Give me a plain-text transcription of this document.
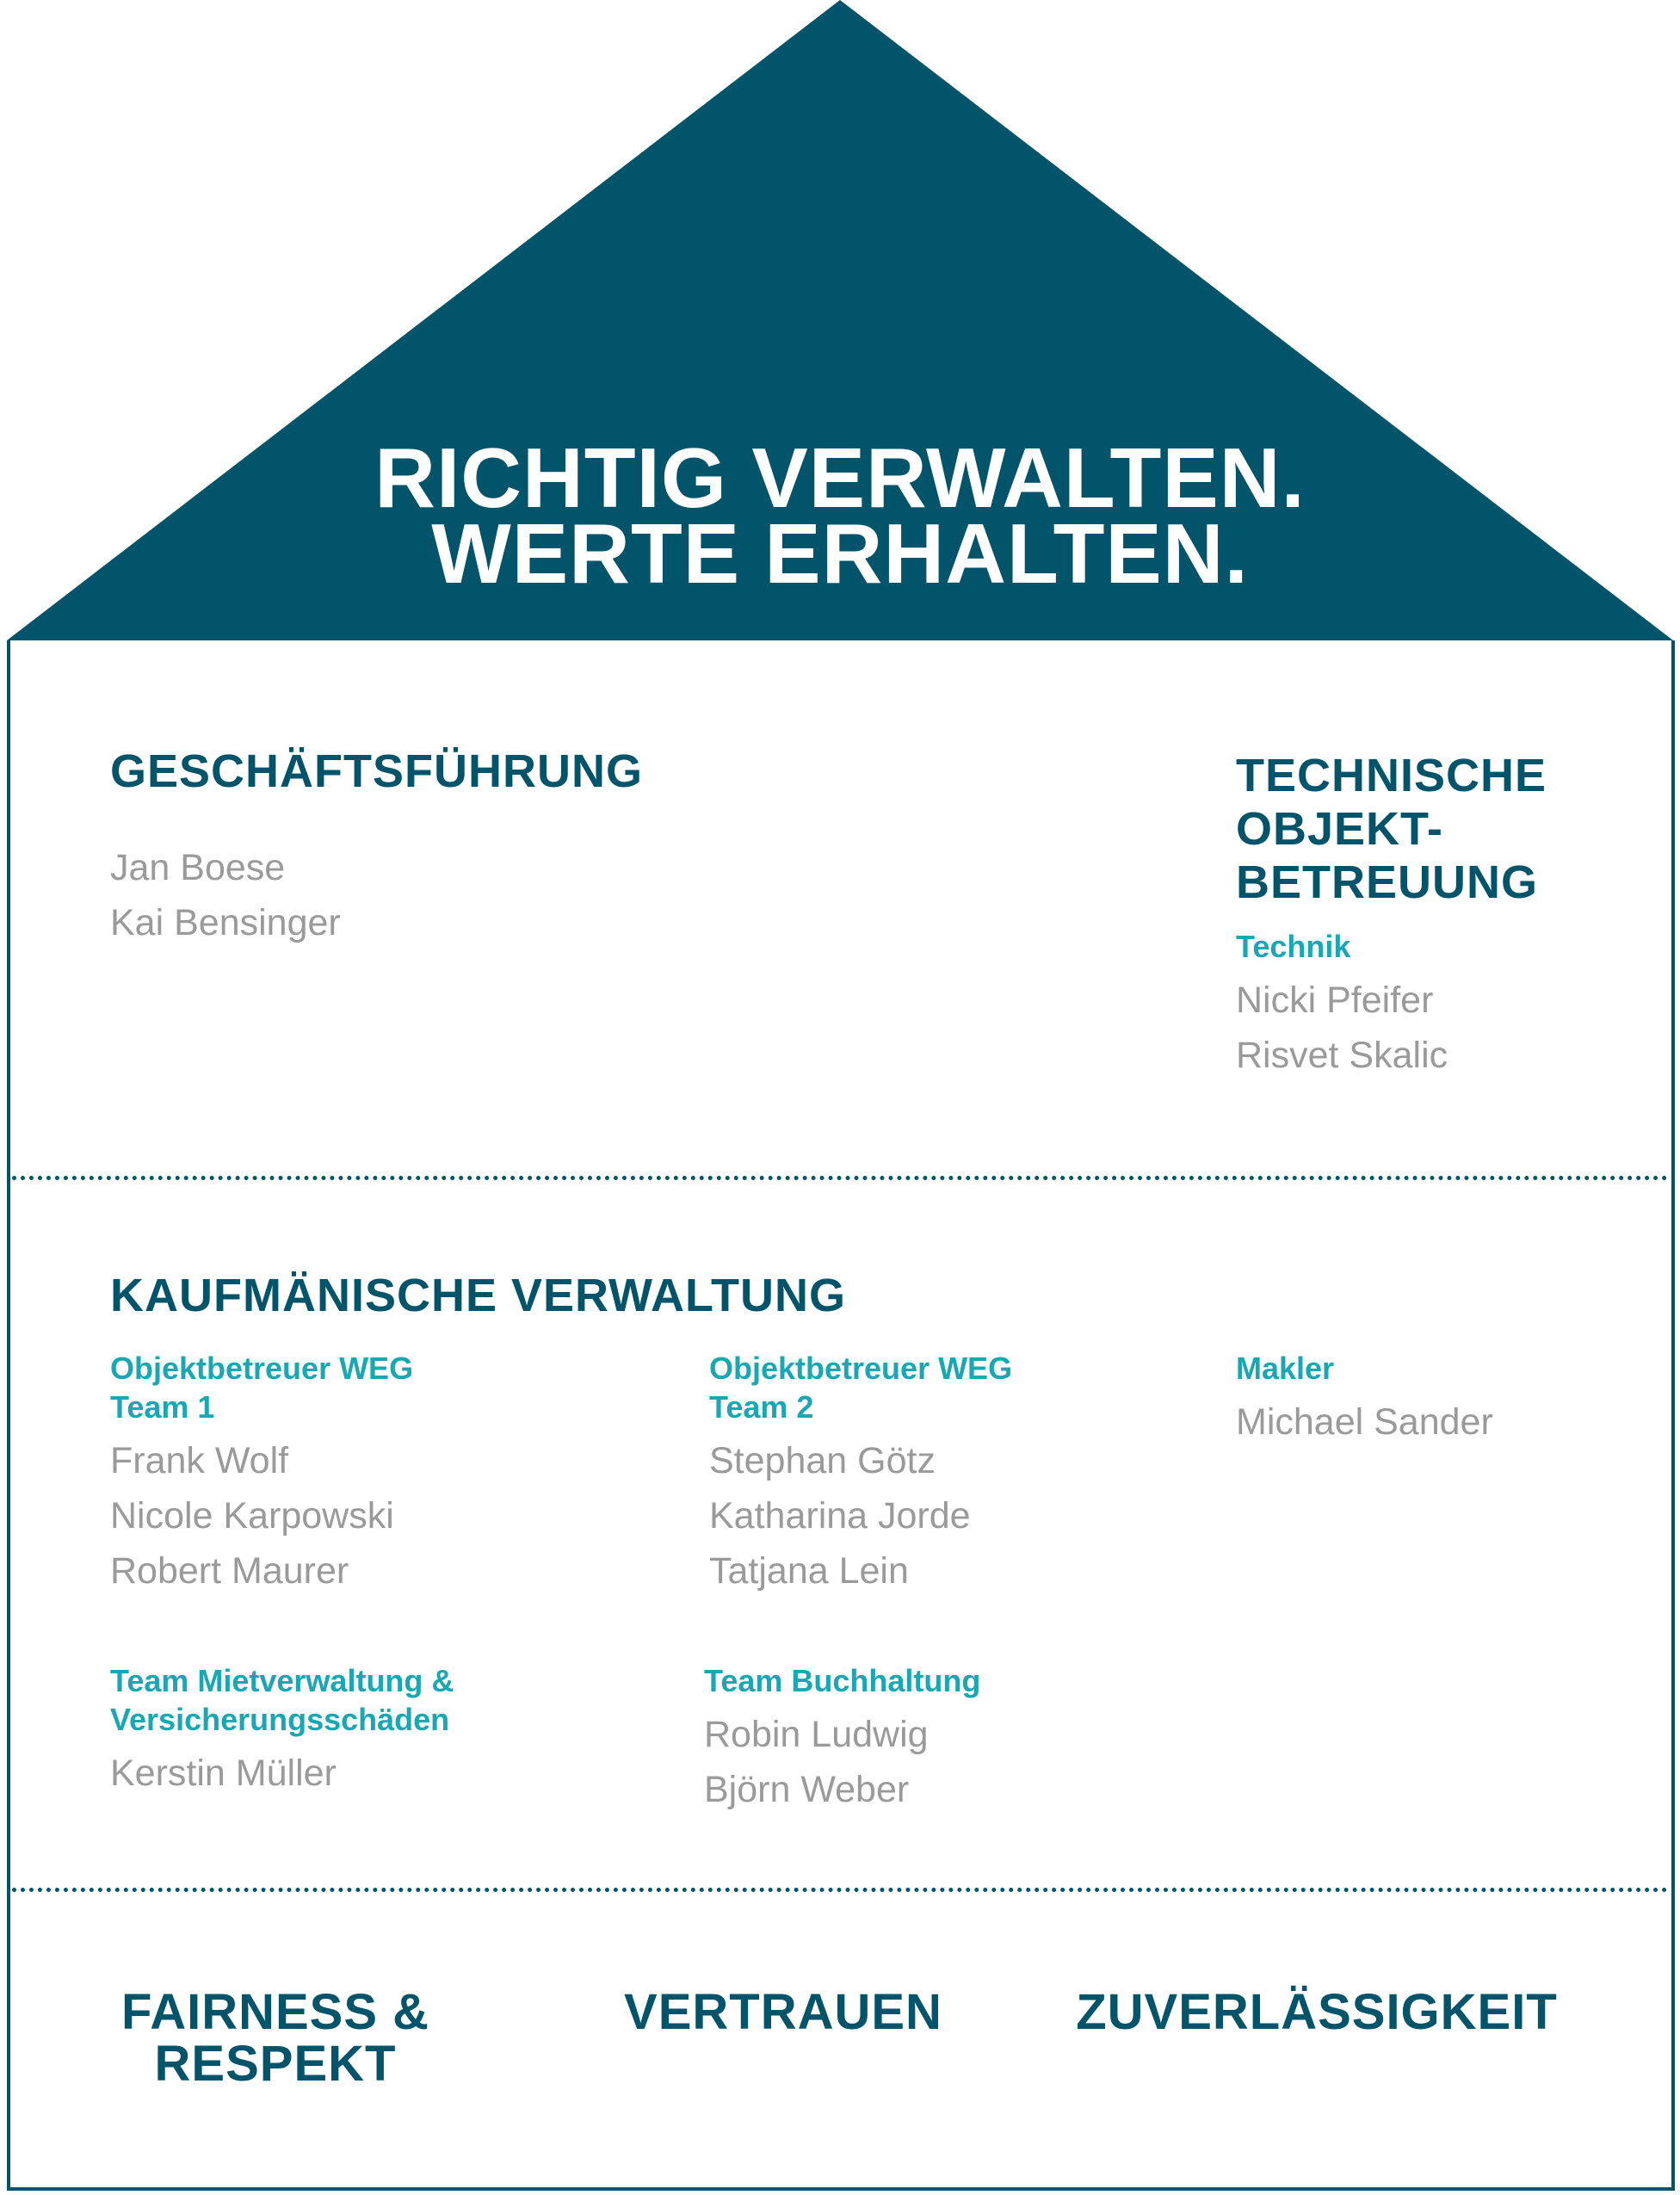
RICHTIG VERWALTEN.
WERTE ERHALTEN.
GESCHÄFTSFÜHRUNG
Jan Boese
Kai Bensinger
TECHNISCHE
OBJEKT-
BETREUUNG
Technik
Nicki Pfeifer
Risvet Skalic
KAUFMÄNISCHE VERWALTUNG
Objektbetreuer WEG
Team 1
Frank Wolf
Nicole Karpowski
Robert Maurer
Objektbetreuer WEG
Team 2
Stephan Götz
Katharina Jorde
Tatjana Lein
Makler
Michael Sander
Team Mietverwaltung &
Versicherungsschäden
Kerstin Müller
Team Buchhaltung
Robin Ludwig
Björn Weber
FAIRNESS &
RESPEKT
VERTRAUEN	ZUVERLÄSSIGKEIT
